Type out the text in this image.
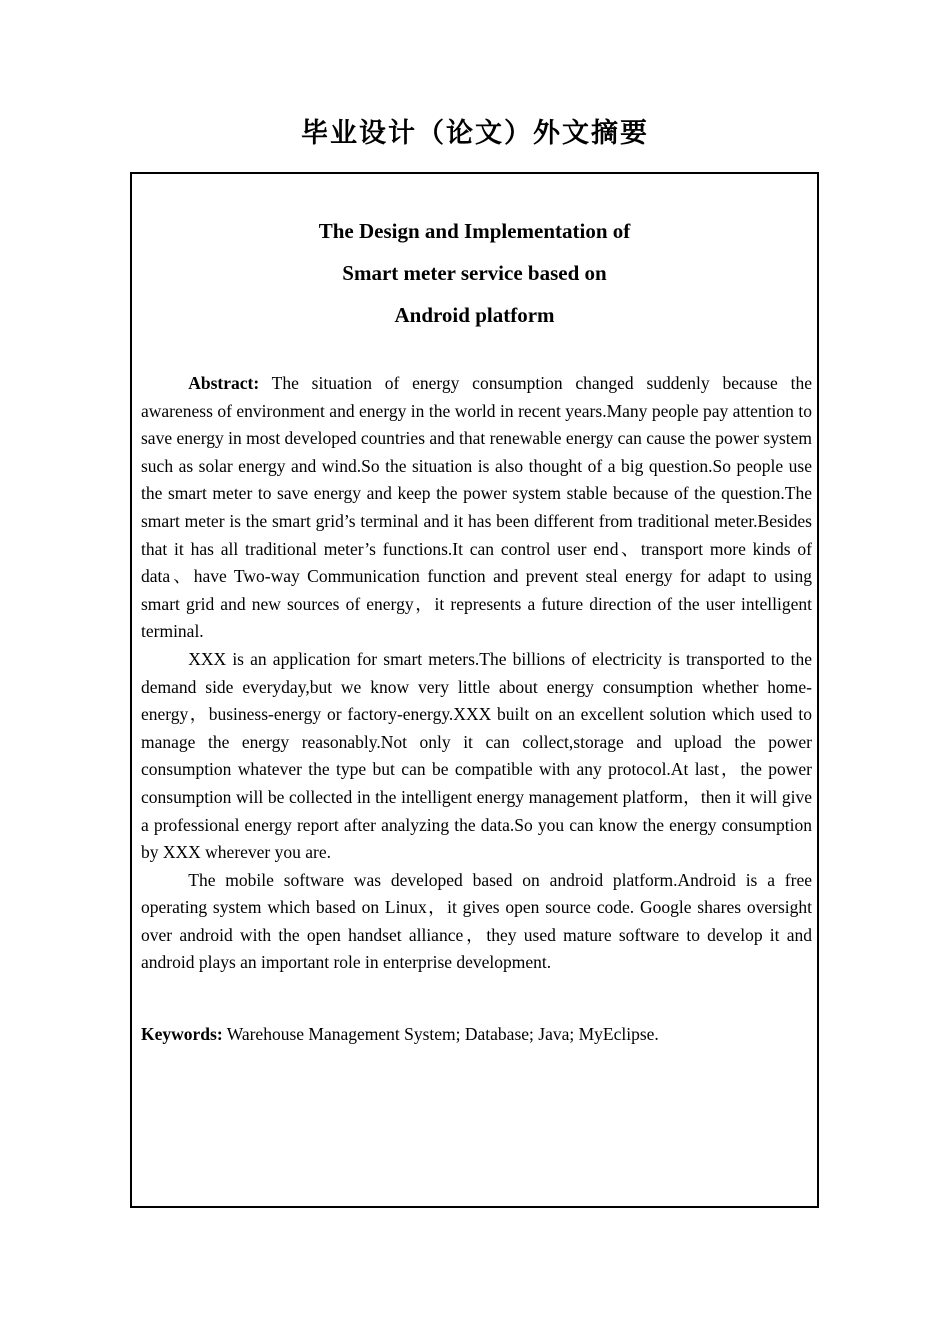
毕业设计（论文）外文摘要
The Design and Implementation of
Smart meter service based on
Android platform

Abstract: The situation of energy consumption changed suddenly because the awareness of environment and energy in the world in recent years.Many people pay attention to save energy in most developed countries and that renewable energy can cause the power system such as solar energy and wind.So the situation is also thought of a big question.So people use the smart meter to save energy and keep the power system stable because of the question.The smart meter is the smart grid’s terminal and it has been different from traditional meter.Besides that it has all traditional meter’s functions.It can control user end、transport more kinds of data、have Two-way Communication function and prevent steal energy for adapt to using smart grid and new sources of energy，it represents a future direction of the user intelligent terminal.

XXX is an application for smart meters.The billions of electricity is transported to the demand side everyday,but we know very little about energy consumption whether home-energy，business-energy or factory-energy.XXX built on an excellent solution which used to manage the energy reasonably.Not only it can collect,storage and upload the power consumption whatever the type but can be compatible with any protocol.At last，the power consumption will be collected in the intelligent energy management platform，then it will give a professional energy report after analyzing the data.So you can know the energy consumption by XXX wherever you are.

The mobile software was developed based on android platform.Android is a free operating system which based on Linux，it gives open source code. Google shares oversight over android with the open handset alliance，they used mature software to develop it and android plays an important role in enterprise development.

Keywords: Warehouse Management System; Database; Java; MyEclipse.
